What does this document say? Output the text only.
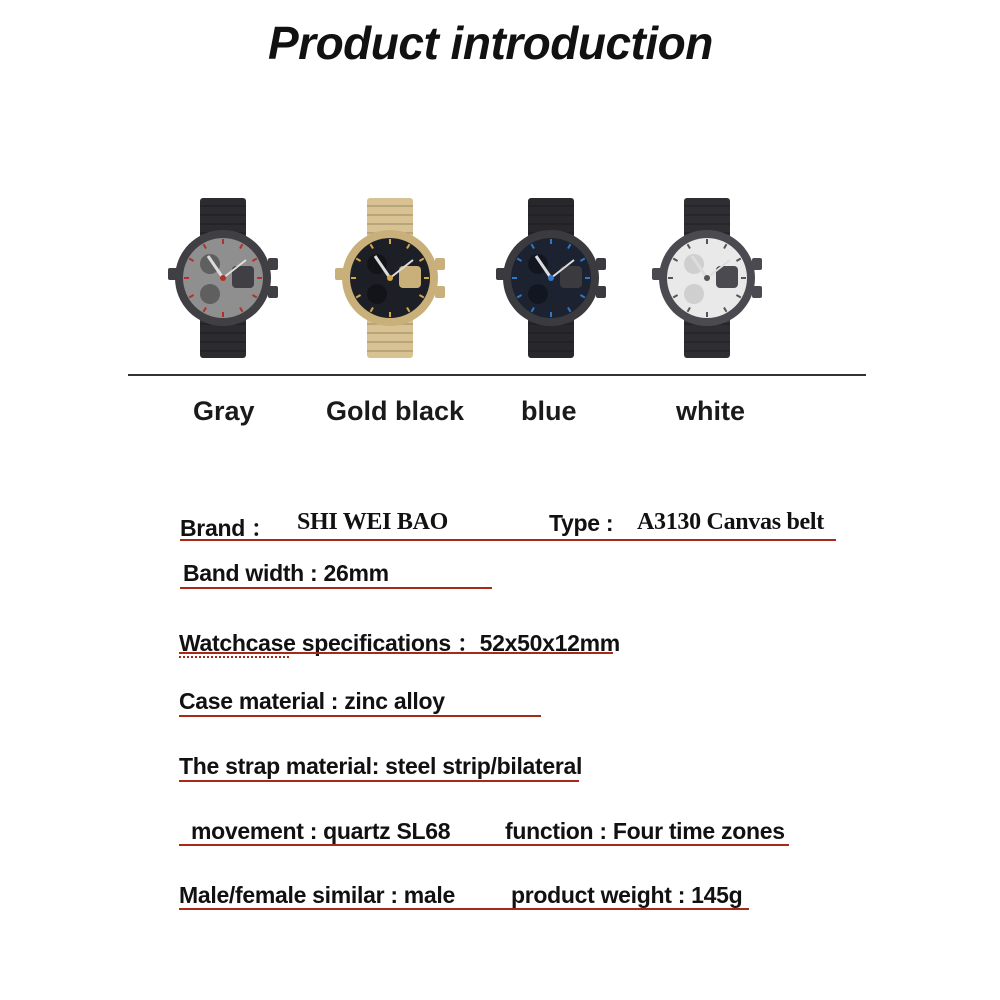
Product introduction
Gray	Gold black blue	white
Brand ： SHI WEI BAO	Type : A3130 Canvas belt
Band width : 26mm
Watchcase specifications ：52x50x12mm
Case material : zinc alloy
The strap material: steel strip/bilateral
movement : quartz SL68 function : Four time zones
Male/female similar : male product weight : 145g
